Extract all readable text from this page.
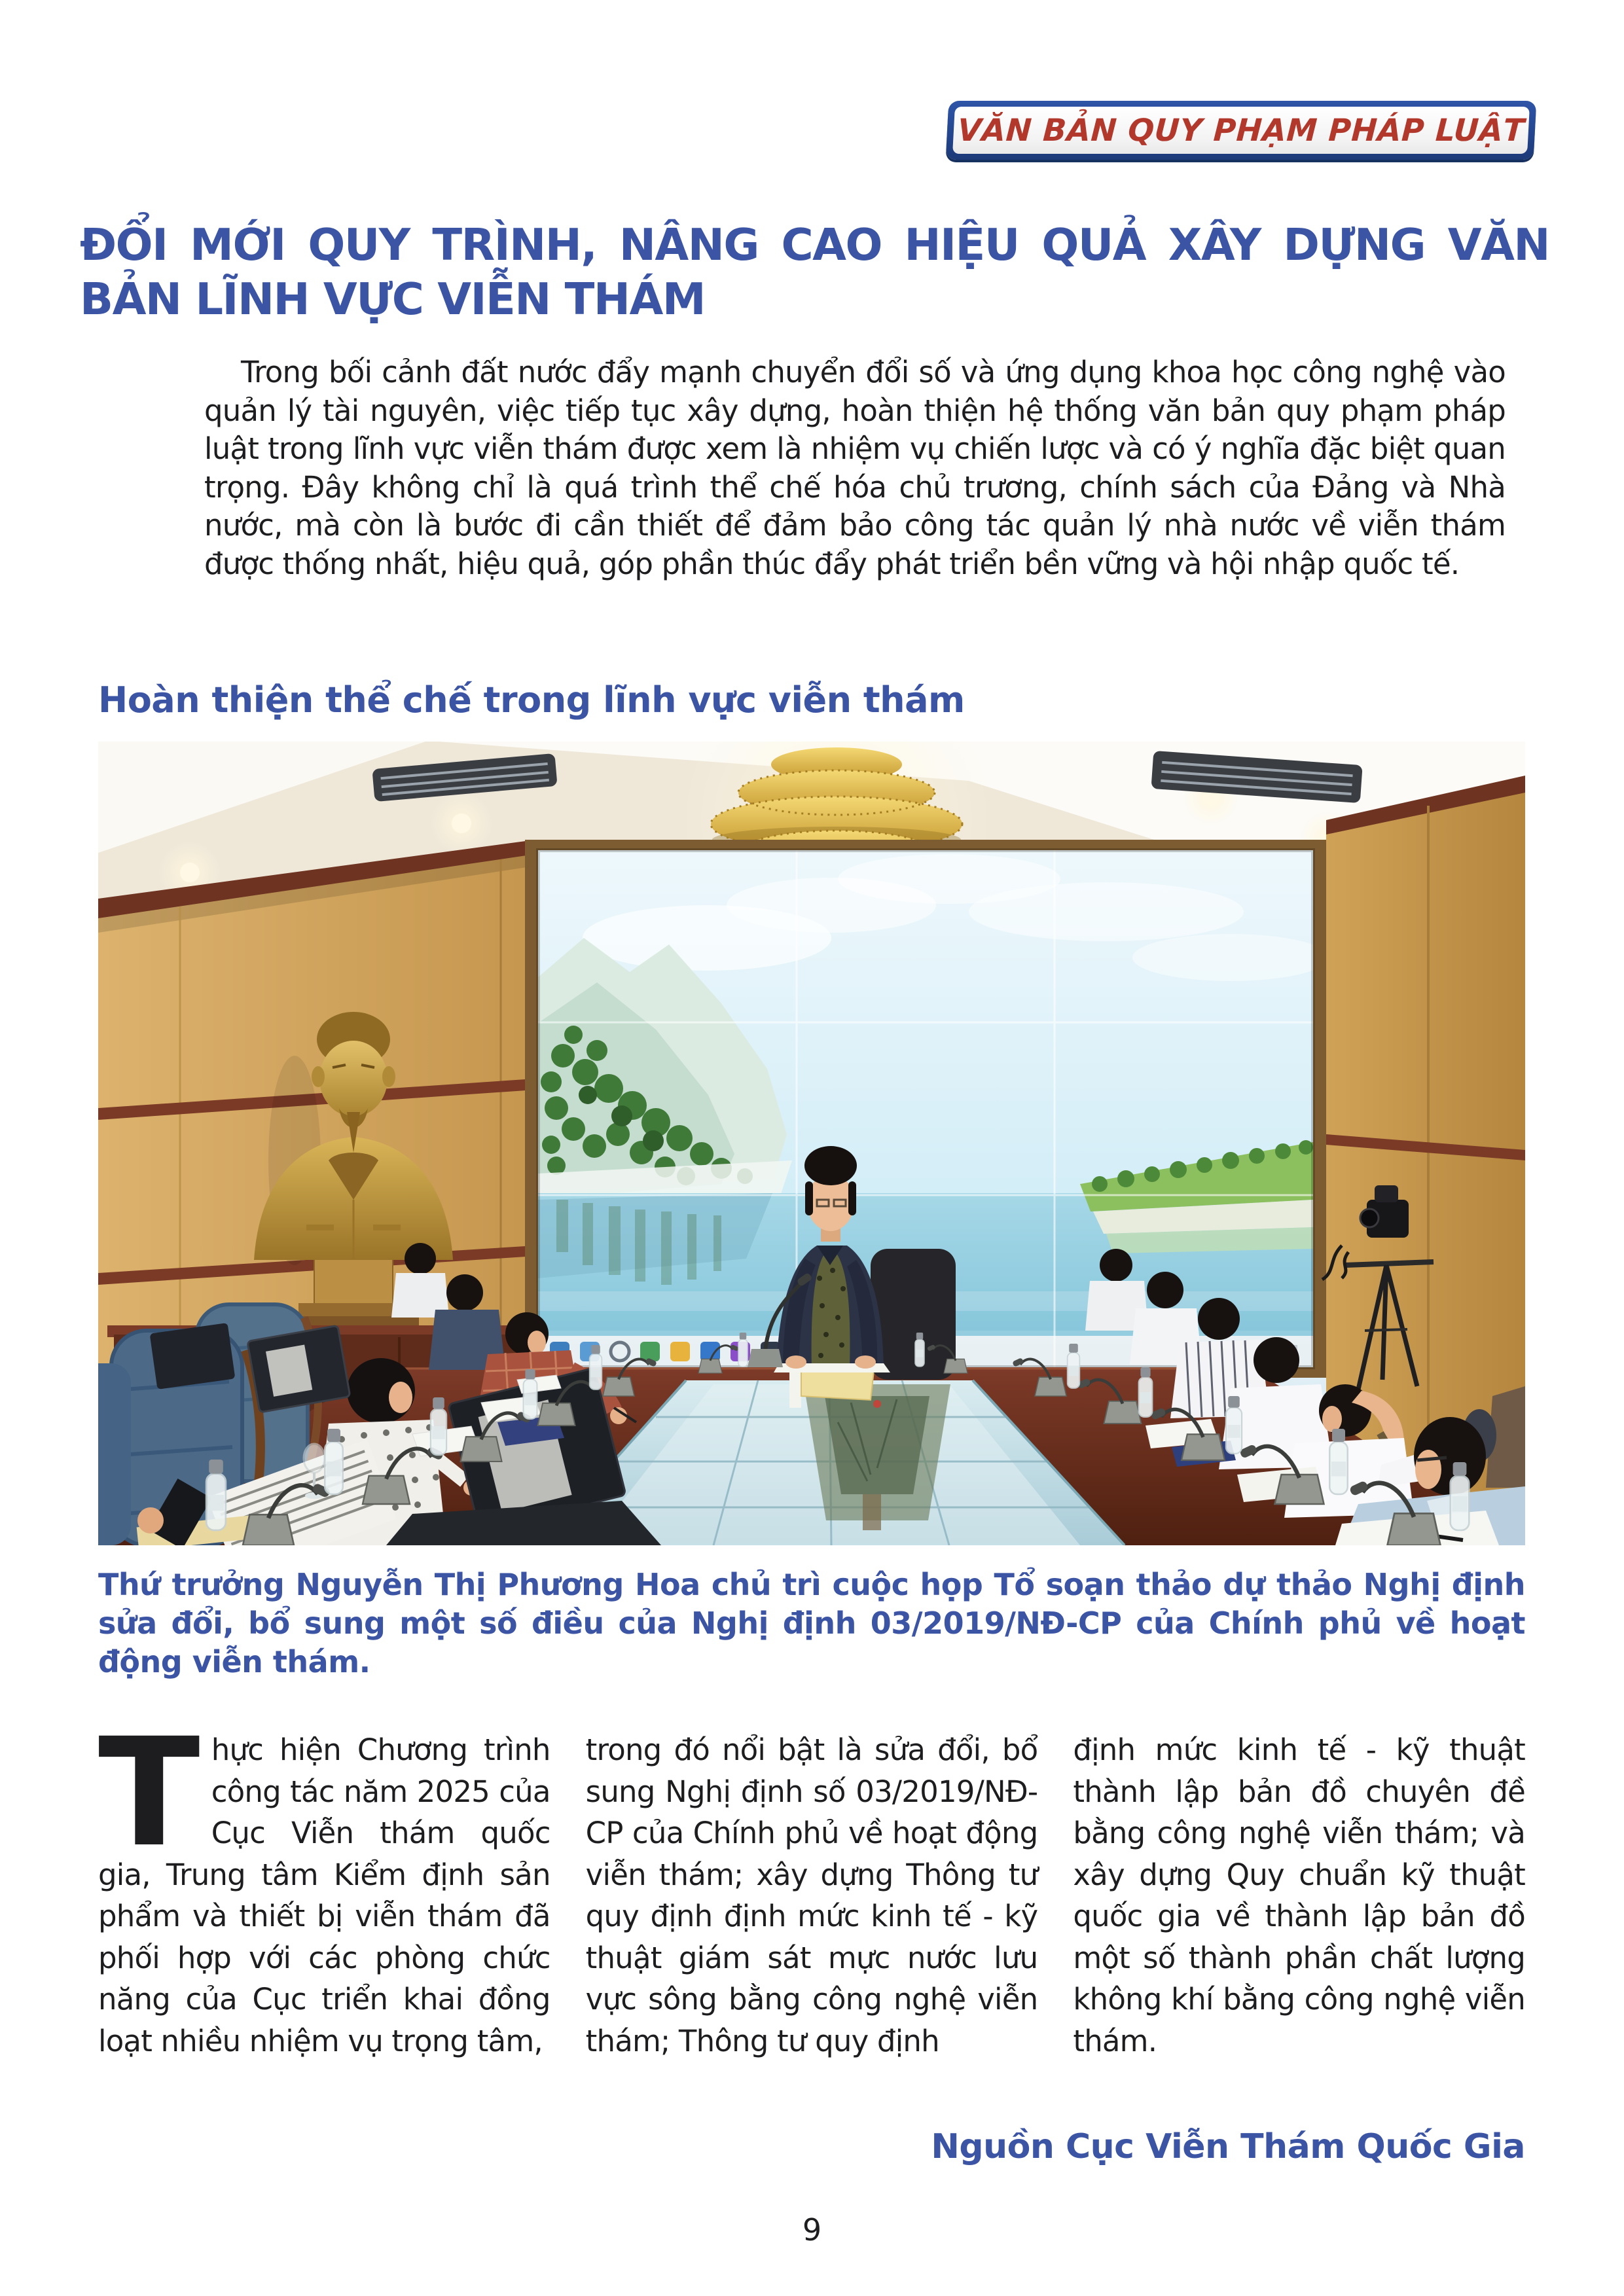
VĂN BẢN QUY PHẠM PHÁP LUẬT
ĐỔI MỚI QUY TRÌNH, NÂNG CAO HIỆU QUẢ XÂY DỰNG VĂN
BẢN LĨNH VỰC VIỄN THÁM

Trong bối cảnh đất nước đẩy mạnh chuyển đổi số và ứng dụng khoa học công nghệ vào quản lý tài nguyên, việc tiếp tục xây dựng, hoàn thiện hệ thống văn bản quy phạm pháp luật trong lĩnh vực viễn thám được xem là nhiệm vụ chiến lược và có ý nghĩa đặc biệt quan trọng. Đây không chỉ là quá trình thể chế hóa chủ trương, chính sách của Đảng và Nhà nước, mà còn là bước đi cần thiết để đảm bảo công tác quản lý nhà nước về viễn thám được thống nhất, hiệu quả, góp phần thúc đẩy phát triển bền vững và hội nhập quốc tế.

Hoàn thiện thể chế trong lĩnh vực viễn thám

Thứ trưởng Nguyễn Thị Phương Hoa chủ trì cuộc họp Tổ soạn thảo dự thảo Nghị định sửa đổi, bổ sung một số điều của Nghị định 03/2019/NĐ-CP của Chính phủ về hoạt động viễn thám.

Thực hiện Chương trình công tác năm 2025 của Cục Viễn thám quốc gia, Trung tâm Kiểm định sản phẩm và thiết bị viễn thám đã phối hợp với các phòng chức năng của Cục triển khai đồng loạt nhiều nhiệm vụ trọng tâm,
trong đó nổi bật là sửa đổi, bổ sung Nghị định số 03/2019/NĐ-CP của Chính phủ về hoạt động viễn thám; xây dựng Thông tư quy định định mức kinh tế - kỹ thuật giám sát mực nước lưu vực sông bằng công nghệ viễn thám; Thông tư quy định
định mức kinh tế - kỹ thuật thành lập bản đồ chuyên đề bằng công nghệ viễn thám; và xây dựng Quy chuẩn kỹ thuật quốc gia về thành lập bản đồ một số thành phần chất lượng không khí bằng công nghệ viễn thám.
Nguồn Cục Viễn Thám Quốc Gia
9
